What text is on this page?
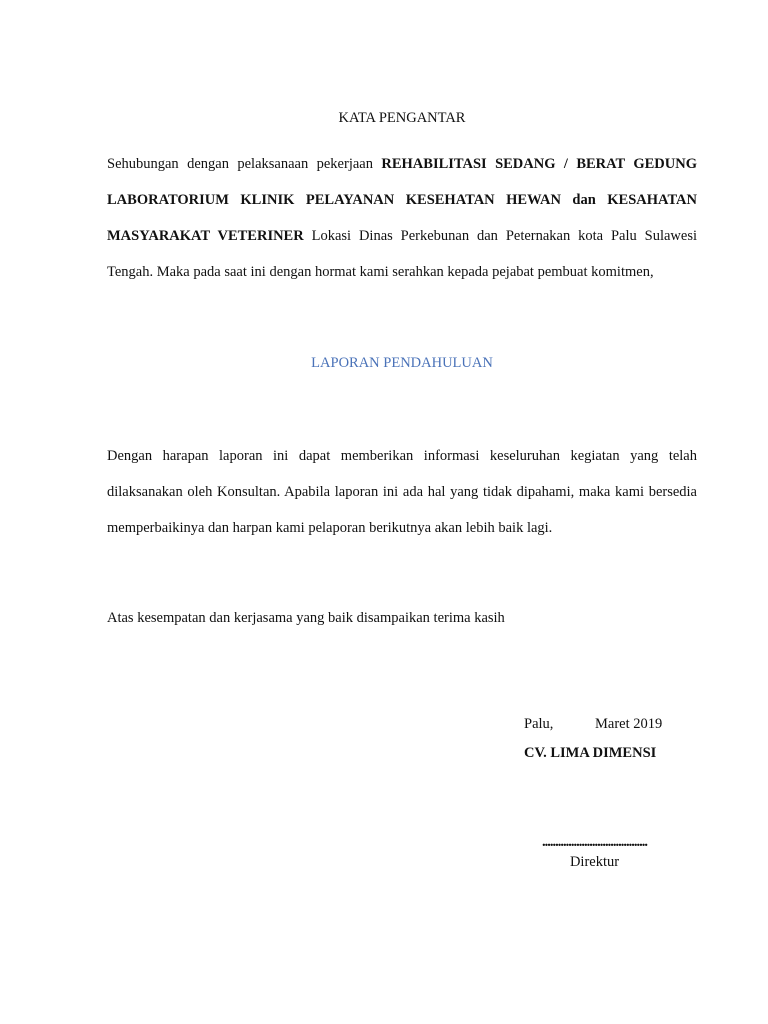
KATA PENGANTAR

Sehubungan dengan pelaksanaan pekerjaan REHABILITASI SEDANG / BERAT GEDUNG LABORATORIUM KLINIK PELAYANAN KESEHATAN HEWAN dan KESAHATAN MASYARAKAT VETERINER Lokasi Dinas Perkebunan dan Peternakan kota Palu Sulawesi Tengah. Maka pada saat ini dengan hormat kami serahkan kepada pejabat pembuat komitmen,

LAPORAN PENDAHULUAN

Dengan harapan laporan ini dapat memberikan informasi keseluruhan kegiatan yang telah dilaksanakan oleh Konsultan. Apabila laporan ini ada hal yang tidak dipahami, maka kami bersedia memperbaikinya dan harpan kami pelaporan berikutnya akan lebih baik lagi.

Atas kesempatan dan kerjasama yang baik disampaikan terima kasih
Palu,	Maret 2019
CV. LIMA DIMENSI
........................................
Direktur
